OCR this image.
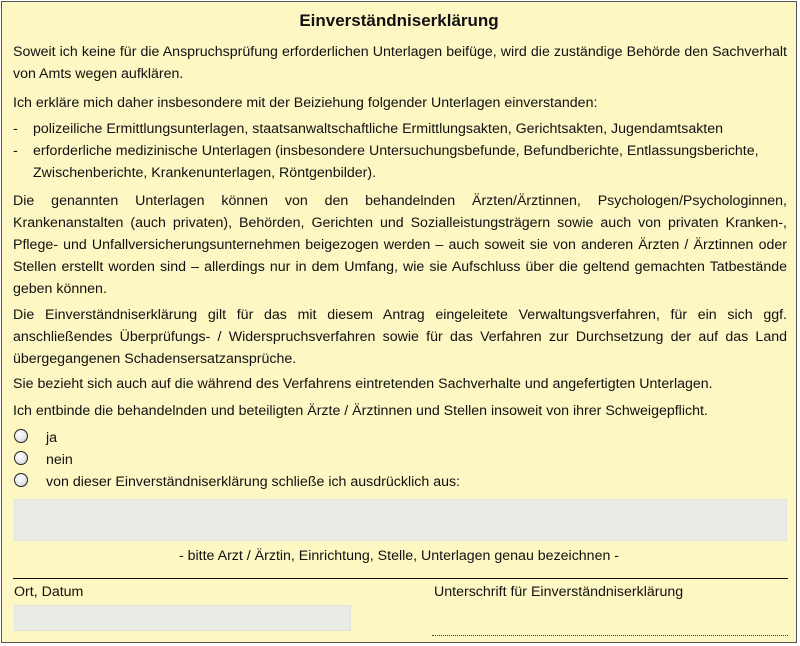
Einverständniserklärung
Soweit ich keine für die Anspruchsprüfung erforderlichen Unterlagen beifüge, wird die zuständige Behörde den Sachverhalt von Amts wegen aufklären.
Ich erkläre mich daher insbesondere mit der Beiziehung folgender Unterlagen einverstanden:
- polizeiliche Ermittlungsunterlagen, staatsanwaltschaftliche Ermittlungsakten, Gerichtsakten, Jugendamtsakten
- erforderliche medizinische Unterlagen (insbesondere Untersuchungsbefunde, Befundberichte, Entlassungsberichte, Zwischenberichte, Krankenunterlagen, Röntgenbilder).
Die genannten Unterlagen können von den behandelnden Ärzten/Ärztinnen, Psychologen/Psychologinnen, Krankenanstalten (auch privaten), Behörden, Gerichten und Sozialleistungsträgern sowie auch von privaten Kranken-, Pflege- und Unfallversicherungsunternehmen beigezogen werden – auch soweit sie von anderen Ärzten / Ärztinnen oder Stellen erstellt worden sind – allerdings nur in dem Umfang, wie sie Aufschluss über die geltend gemachten Tatbestände geben können.
Die Einverständniserklärung gilt für das mit diesem Antrag eingeleitete Verwaltungsverfahren, für ein sich ggf. anschließendes Überprüfungs- / Widerspruchsverfahren sowie für das Verfahren zur Durchsetzung der auf das Land übergegangenen Schadensersatzansprüche.
Sie bezieht sich auch auf die während des Verfahrens eintretenden Sachverhalte und angefertigten Unterlagen.
Ich entbinde die behandelnden und beteiligten Ärzte / Ärztinnen und Stellen insoweit von ihrer Schweigepflicht.
ja
nein
von dieser Einverständniserklärung schließe ich ausdrücklich aus:
- bitte Arzt / Ärztin, Einrichtung, Stelle, Unterlagen genau bezeichnen -
Ort, Datum	Unterschrift für Einverständniserklärung
